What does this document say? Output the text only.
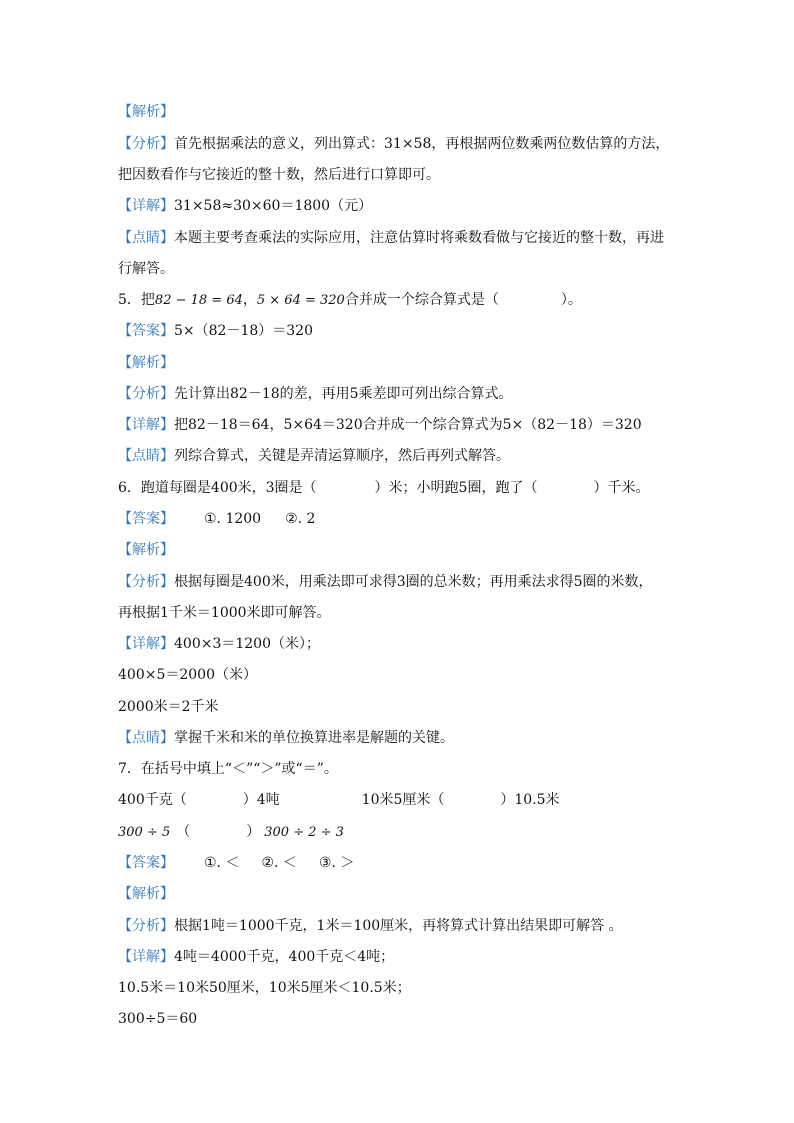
【解析】
【分析】首先根据乘法的意义，列出算式：31×58，再根据两位数乘两位数估算的方法，
把因数看作与它接近的整十数，然后进行口算即可。
【详解】31×58≈30×60＝1800（元）
【点睛】本题主要考查乘法的实际应用，注意估算时将乘数看做与它接近的整十数，再进
行解答。
5．把82 − 18 = 64，5 × 64 = 320合并成一个综合算式是（	）。
【答案】5×（82－18）＝320
【解析】
【分析】先计算出82－18的差，再用5乘差即可列出综合算式。
【详解】把82－18＝64，5×64＝320合并成一个综合算式为5×（82－18）＝320
【点睛】列综合算式，关键是弄清运算顺序，然后再列式解答。
6．跑道每圈是400米，3圈是（	）米；小明跑5圈，跑了（	）千米。
【答案】 ①. 1200 ②. 2
【解析】
【分析】根据每圈是400米，用乘法即可求得3圈的总米数；再用乘法求得5圈的米数，
再根据1千米＝1000米即可解答。
【详解】400×3＝1200（米）；
400×5＝2000（米）
2000米＝2千米
【点睛】掌握千米和米的单位换算进率是解题的关键。
7．在括号中填上“＜”“＞”或“＝”。
400千克（	）4吨	10米5厘米（	）10.5米
300 ÷ 5 （	） 300 ÷ 2 ÷ 3
【答案】 ①. ＜ ②. ＜ ③. ＞
【解析】
【分析】根据1吨＝1000千克，1米＝100厘米，再将算式计算出结果即可解答 。
【详解】4吨＝4000千克，400千克＜4吨；
10.5米＝10米50厘米，10米5厘米＜10.5米；
300÷5＝60
